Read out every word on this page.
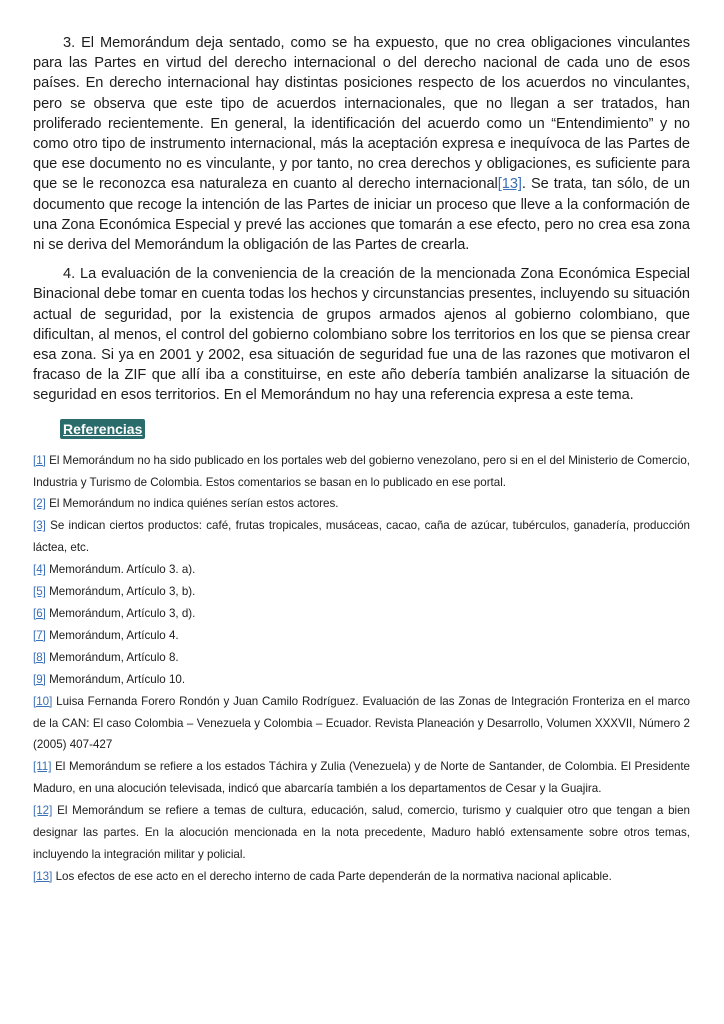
3. El Memorándum deja sentado, como se ha expuesto, que no crea obligaciones vinculantes para las Partes en virtud del derecho internacional o del derecho nacional de cada uno de esos países. En derecho internacional hay distintas posiciones respecto de los acuerdos no vinculantes, pero se observa que este tipo de acuerdos internacionales, que no llegan a ser tratados, han proliferado recientemente. En general, la identificación del acuerdo como un “Entendimiento” y no como otro tipo de instrumento internacional, más la aceptación expresa e inequívoca de las Partes de que ese documento no es vinculante, y por tanto, no crea derechos y obligaciones, es suficiente para que se le reconozca esa naturaleza en cuanto al derecho internacional[13]. Se trata, tan sólo, de un documento que recoge la intención de las Partes de iniciar un proceso que lleve a la conformación de una Zona Económica Especial y prevé las acciones que tomarán a ese efecto, pero no crea esa zona ni se deriva del Memorándum la obligación de las Partes de crearla.

4. La evaluación de la conveniencia de la creación de la mencionada Zona Económica Especial Binacional debe tomar en cuenta todas los hechos y circunstancias presentes, incluyendo su situación actual de seguridad, por la existencia de grupos armados ajenos al gobierno colombiano, que dificultan, al menos, el control del gobierno colombiano sobre los territorios en los que se piensa crear esa zona. Si ya en 2001 y 2002, esa situación de seguridad fue una de las razones que motivaron el fracaso de la ZIF que allí iba a constituirse, en este año debería también analizarse la situación de seguridad en esos territorios. En el Memorándum no hay una referencia expresa a este tema.

Referencias

[1] El Memorándum no ha sido publicado en los portales web del gobierno venezolano, pero si en el del Ministerio de Comercio, Industria y Turismo de Colombia. Estos comentarios se basan en lo publicado en ese portal.

[2] El Memorándum no indica quiénes serían estos actores.

[3] Se indican ciertos productos: café, frutas tropicales, musáceas, cacao, caña de azúcar, tubérculos, ganadería, producción láctea, etc.

[4] Memorándum. Artículo 3. a).

[5] Memorándum, Artículo 3, b).

[6] Memorándum, Artículo 3, d).

[7] Memorándum, Artículo 4.

[8] Memorándum, Artículo 8.

[9] Memorándum, Artículo 10.

[10] Luisa Fernanda Forero Rondón y Juan Camilo Rodríguez. Evaluación de las Zonas de Integración Fronteriza en el marco de la CAN: El caso Colombia – Venezuela y Colombia – Ecuador. Revista Planeación y Desarrollo, Volumen XXXVII, Número 2 (2005) 407-427

[11] El Memorándum se refiere a los estados Táchira y Zulia (Venezuela) y de Norte de Santander, de Colombia. El Presidente Maduro, en una alocución televisada, indicó que abarcaría también a los departamentos de Cesar y la Guajira.

[12] El Memorándum se refiere a temas de cultura, educación, salud, comercio, turismo y cualquier otro que tengan a bien designar las partes. En la alocución mencionada en la nota precedente, Maduro habló extensamente sobre otros temas, incluyendo la integración militar y policial.

[13] Los efectos de ese acto en el derecho interno de cada Parte dependerán de la normativa nacional aplicable.
